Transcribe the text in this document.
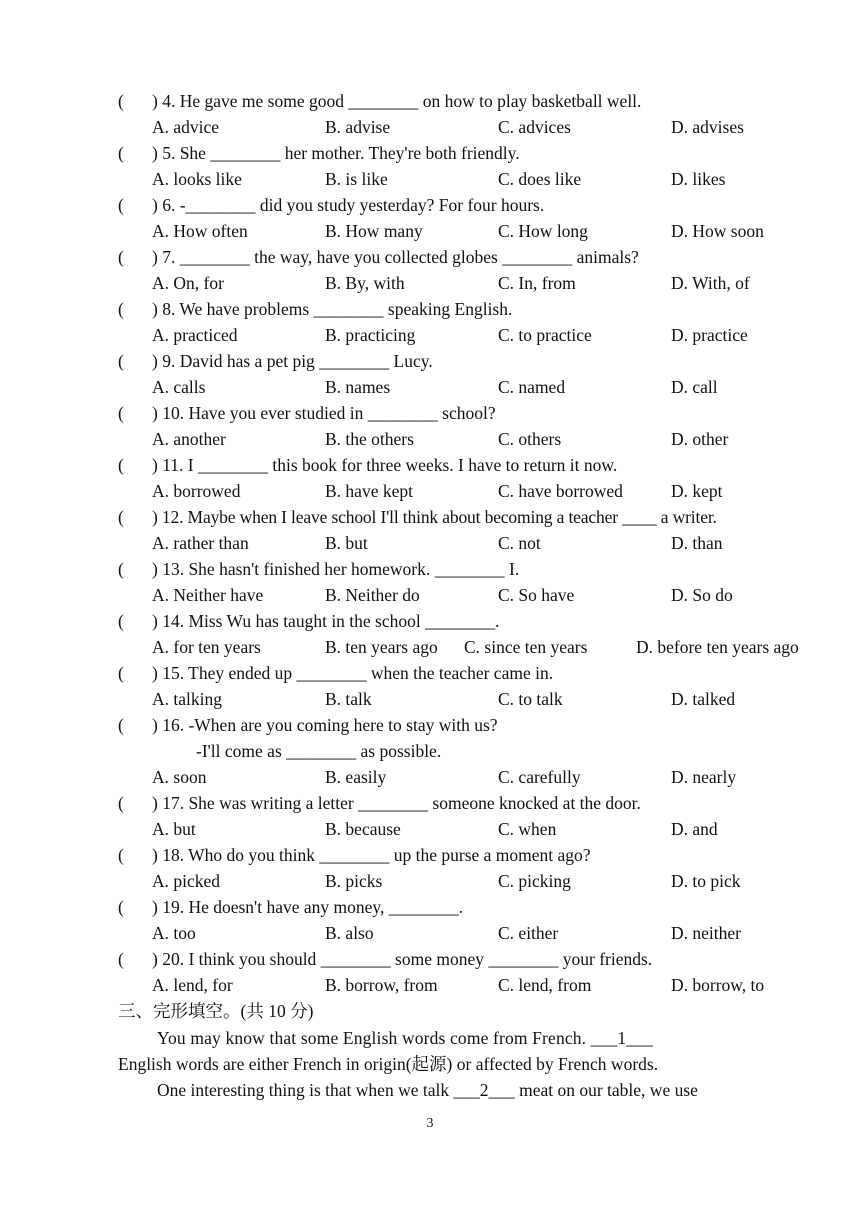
( ) 4. He gave me some good ________ on how to play basketball well.
A. advice	B. advise	C. advices	D. advises
( ) 5. She ________ her mother. They're both friendly.
A. looks like	B. is like	C. does like	D. likes
( ) 6. -________ did you study yesterday? For four hours.
A. How often	B. How many	C. How long	D. How soon
( ) 7. ________ the way, have you collected globes ________ animals?
A. On, for	B. By, with	C. In, from	D. With, of
( ) 8. We have problems ________ speaking English.
A. practiced	B. practicing	C. to practice	D. practice
( ) 9. David has a pet pig ________ Lucy.
A. calls	B. names	C. named	D. call
( ) 10. Have you ever studied in ________ school?
A. another	B. the others	C. others	D. other
( ) 11. I ________ this book for three weeks. I have to return it now.
A. borrowed	B. have kept	C. have borrowed	D. kept
( ) 12. Maybe when I leave school I'll think about becoming a teacher ____ a writer.
A. rather than	B. but	C. not	D. than
( ) 13. She hasn't finished her homework. ________ I.
A. Neither have	B. Neither do	C. So have	D. So do
( ) 14. Miss Wu has taught in the school ________.
A. for ten years	B. ten years ago C. since ten years	D. before ten years ago
( ) 15. They ended up ________ when the teacher came in.
A. talking	B. talk	C. to talk	D. talked
( ) 16. -When are you coming here to stay with us?
-I'll come as ________ as possible.
A. soon	B. easily	C. carefully	D. nearly
( ) 17. She was writing a letter ________ someone knocked at the door.
A. but	B. because	C. when	D. and
( ) 18. Who do you think ________ up the purse a moment ago?
A. picked	B. picks	C. picking	D. to pick
( ) 19. He doesn't have any money, ________.
A. too	B. also	C. either	D. neither
( ) 20. I think you should ________ some money ________ your friends.
A. lend, for	B. borrow, from	C. lend, from	D. borrow, to
三、完形填空。(共 10 分)
You may know that some English words come from French. ___1___
English words are either French in origin(起源) or affected by French words.
One interesting thing is that when we talk ___2___ meat on our table, we use
3
